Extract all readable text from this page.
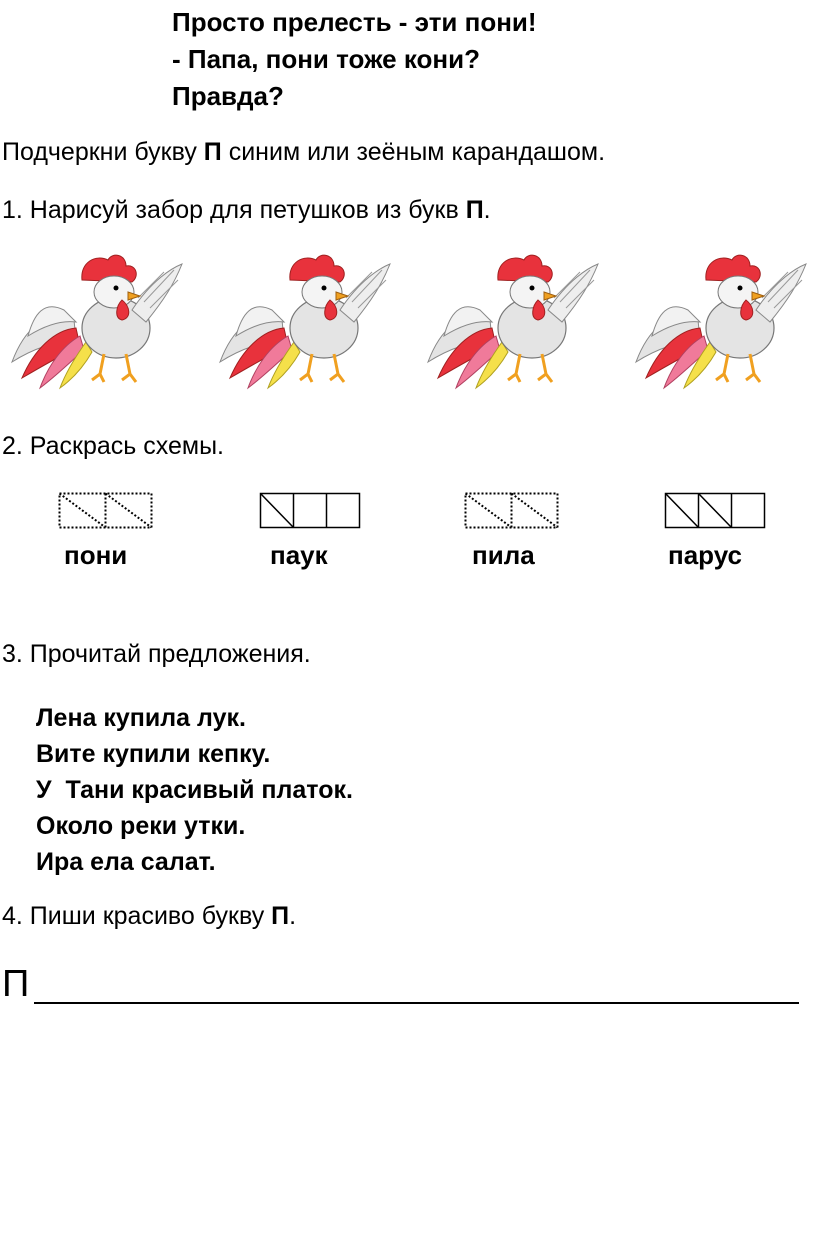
Просто прелесть - эти пони!
- Папа, пони тоже кони?
Правда?
Подчеркни букву П синим или зеёным карандашом.
1. Нарисуй забор для петушков из букв П.
2. Раскрась схемы.
пони	паук	пила	парус
3. Прочитай предложения.
Лена купила лук.
Вите купили кепку.
У  Тани красивый платок.
Около реки утки.
Ира ела салат.
4. Пиши красиво букву П.
П
